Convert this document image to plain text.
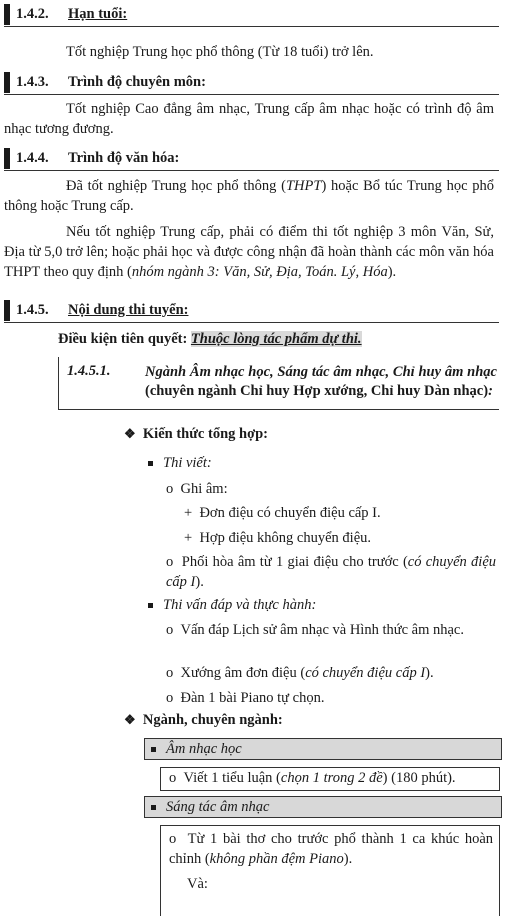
1.4.2. Hạn tuổi:
Tốt nghiệp Trung học phổ thông (Từ 18 tuổi) trở lên.
1.4.3. Trình độ chuyên môn:
Tốt nghiệp Cao đẳng âm nhạc, Trung cấp âm nhạc hoặc có trình độ âm nhạc tương đương.
1.4.4. Trình độ văn hóa:
Đã tốt nghiệp Trung học phổ thông (THPT) hoặc Bổ túc Trung học phổ thông hoặc Trung cấp.
Nếu tốt nghiệp Trung cấp, phải có điểm thi tốt nghiệp 3 môn Văn, Sử, Địa từ 5,0 trở lên; hoặc phải học và được công nhận đã hoàn thành các môn văn hóa THPT theo quy định (nhóm ngành 3: Văn, Sử, Địa, Toán. Lý, Hóa).
1.4.5. Nội dung thi tuyển:
Điều kiện tiên quyết: Thuộc lòng tác phẩm dự thi.
1.4.5.1. Ngành Âm nhạc học, Sáng tác âm nhạc, Chỉ huy âm nhạc (chuyên ngành Chỉ huy Hợp xướng, Chỉ huy Dàn nhạc):
❖ Kiến thức tổng hợp:
Thi viết:
o Ghi âm:
+ Đơn điệu có chuyển điệu cấp I.
+ Hợp điệu không chuyển điệu.
o Phối hòa âm từ 1 giai điệu cho trước (có chuyển điệu cấp I).
Thi vấn đáp và thực hành:
o Vấn đáp Lịch sử âm nhạc và Hình thức âm nhạc.
o Xướng âm đơn điệu (có chuyển điệu cấp I).
o Đàn 1 bài Piano tự chọn.
❖ Ngành, chuyên ngành:
Âm nhạc học
o Viết 1 tiểu luận (chọn 1 trong 2 đề) (180 phút).
Sáng tác âm nhạc
o Từ 1 bài thơ cho trước phổ thành 1 ca khúc hoàn chỉnh (không phần đệm Piano).
Và:
